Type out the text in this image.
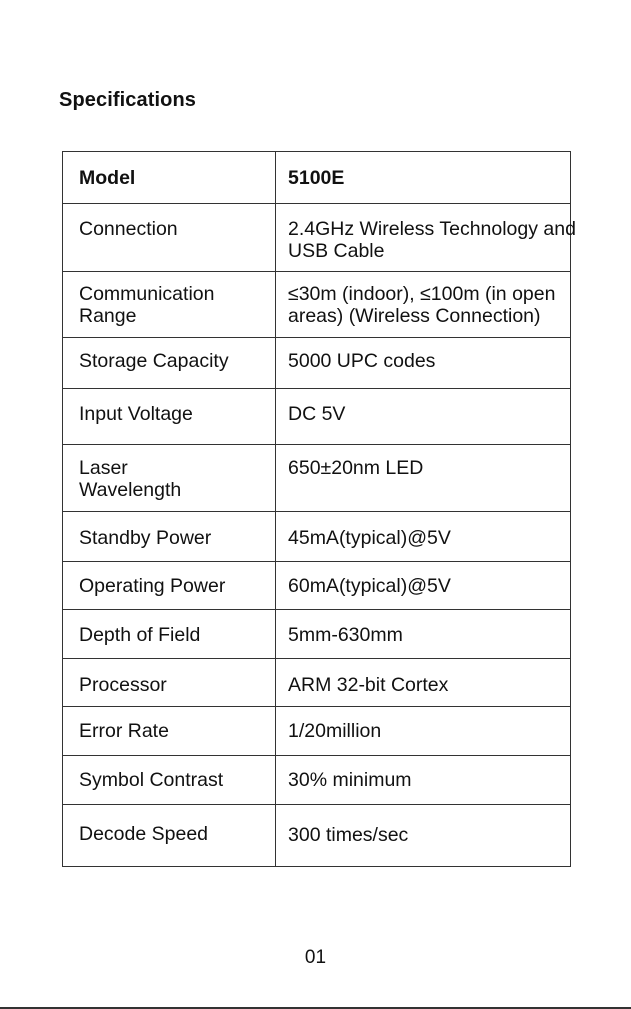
Specifications
Model	5100E

Connection	2.4GHz Wireless Technology and USB Cable

Communication Range	≤30m (indoor), ≤100m (in open areas) (Wireless Connection)

Storage Capacity	5000 UPC codes

Input Voltage	DC 5V

Laser Wavelength	650±20nm LED

Standby Power	45mA(typical)@5V

Operating Power	60mA(typical)@5V

Depth of Field	5mm-630mm

Processor	ARM 32-bit Cortex

Error Rate	1/20million

Symbol Contrast	30% minimum

Decode Speed	300 times/sec
01
